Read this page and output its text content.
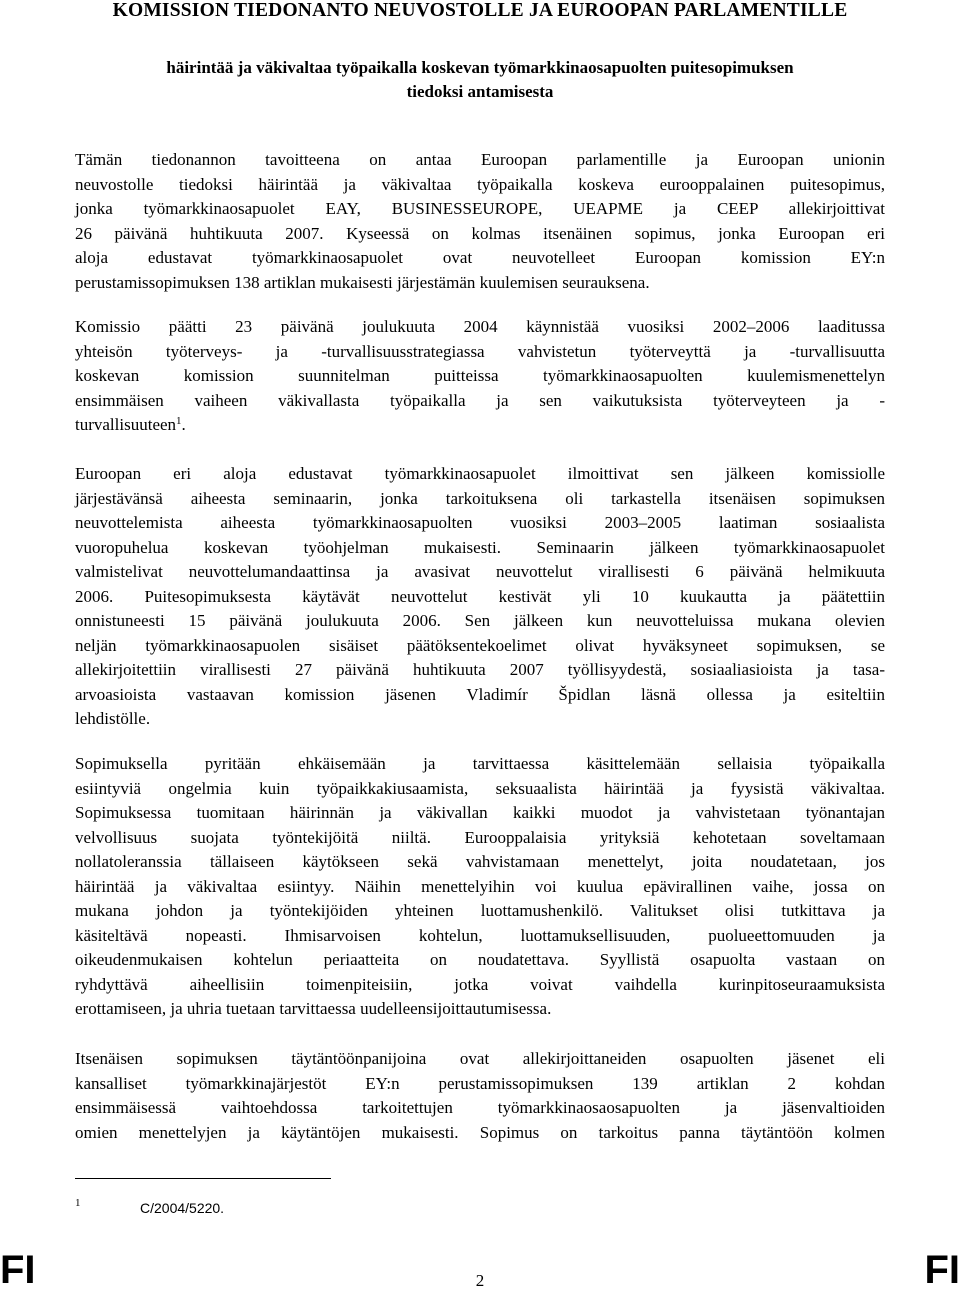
KOMISSION TIEDONANTO NEUVOSTOLLE JA EUROOPAN PARLAMENTILLE
häirintää ja väkivaltaa työpaikalla koskevan työmarkkinaosapuolten puitesopimuksen
tiedoksi antamisesta
Tämän tiedonannon tavoitteena on antaa Euroopan parlamentille ja Euroopan unionin
neuvostolle tiedoksi häirintää ja väkivaltaa työpaikalla koskeva eurooppalainen puitesopimus,
jonka työmarkkinaosapuolet EAY, BUSINESSEUROPE, UEAPME ja CEEP allekirjoittivat
26 päivänä huhtikuuta 2007. Kyseessä on kolmas itsenäinen sopimus, jonka Euroopan eri
aloja edustavat työmarkkinaosapuolet ovat neuvotelleet Euroopan komission EY:n
perustamissopimuksen 138 artiklan mukaisesti järjestämän kuulemisen seurauksena.
Komissio päätti 23 päivänä joulukuuta 2004 käynnistää vuosiksi 2002–2006 laaditussa
yhteisön työterveys- ja -turvallisuusstrategiassa vahvistetun työterveyttä ja -turvallisuutta
koskevan komission suunnitelman puitteissa työmarkkinaosapuolten kuulemismenettelyn
ensimmäisen vaiheen väkivallasta työpaikalla ja sen vaikutuksista työterveyteen ja -
turvallisuuteen$^1$.
Euroopan eri aloja edustavat työmarkkinaosapuolet ilmoittivat sen jälkeen komissiolle
järjestävänsä aiheesta seminaarin, jonka tarkoituksena oli tarkastella itsenäisen sopimuksen
neuvottelemista aiheesta työmarkkinaosapuolten vuosiksi 2003–2005 laatiman sosiaalista
vuoropuhelua koskevan työohjelman mukaisesti. Seminaarin jälkeen työmarkkinaosapuolet
valmistelivat neuvottelumandaattinsa ja avasivat neuvottelut virallisesti 6 päivänä helmikuuta
2006. Puitesopimuksesta käytävät neuvottelut kestivät yli 10 kuukautta ja päätettiin
onnistuneesti 15 päivänä joulukuuta 2006. Sen jälkeen kun neuvotteluissa mukana olevien
neljän työmarkkinaosapuolen sisäiset päätöksentekoelimet olivat hyväksyneet sopimuksen, se
allekirjoitettiin virallisesti 27 päivänä huhtikuuta 2007 työllisyydestä, sosiaaliasioista ja tasa-
arvoasioista vastaavan komission jäsenen Vladimír Špidlan läsnä ollessa ja esiteltiin
lehdistölle.
Sopimuksella pyritään ehkäisemään ja tarvittaessa käsittelemään sellaisia työpaikalla
esiintyviä ongelmia kuin työpaikkakiusaamista, seksuaalista häirintää ja fyysistä väkivaltaa.
Sopimuksessa tuomitaan häirinnän ja väkivallan kaikki muodot ja vahvistetaan työnantajan
velvollisuus suojata työntekijöitä niiltä. Eurooppalaisia yrityksiä kehotetaan soveltamaan
nollatoleranssia tällaiseen käytökseen sekä vahvistamaan menettelyt, joita noudatetaan, jos
häirintää ja väkivaltaa esiintyy. Näihin menettelyihin voi kuulua epävirallinen vaihe, jossa on
mukana johdon ja työntekijöiden yhteinen luottamushenkilö. Valitukset olisi tutkittava ja
käsiteltävä nopeasti. Ihmisarvoisen kohtelun, luottamuksellisuuden, puolueettomuuden ja
oikeudenmukaisen kohtelun periaatteita on noudatettava. Syyllistä osapuolta vastaan on
ryhdyttävä aiheellisiin toimenpiteisiin, jotka voivat vaihdella kurinpitoseuraamuksista
erottamiseen, ja uhria tuetaan tarvittaessa uudelleensijoittautumisessa.
Itsenäisen sopimuksen täytäntöönpanijoina ovat allekirjoittaneiden osapuolten jäsenet eli
kansalliset työmarkkinajärjestöt EY:n perustamissopimuksen 139 artiklan 2 kohdan
ensimmäisessä vaihtoehdossa tarkoitettujen työmarkkinaosaosapuolten ja jäsenvaltioiden
omien menettelyjen ja käytäntöjen mukaisesti. Sopimus on tarkoitus panna täytäntöön kolmen
1	C/2004/5220.
FI	2	FI
